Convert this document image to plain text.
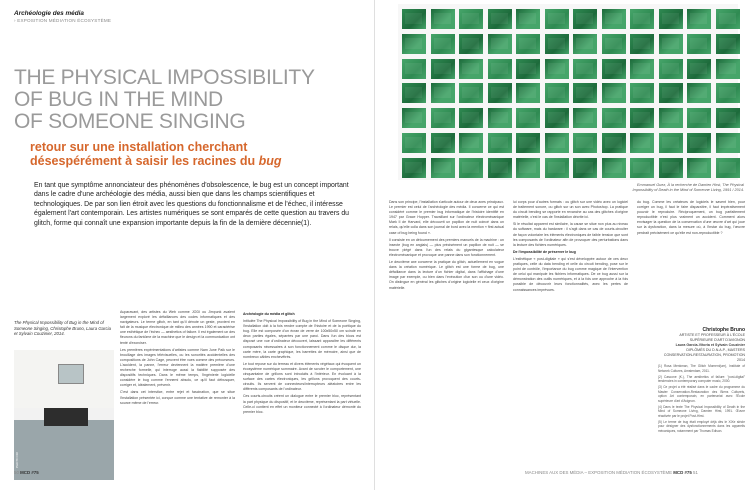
Archéologie des média
› EXPOSITION MÉDIATION ÉCOSYSTÈME
THE PHYSICAL IMPOSSIBILITY
OF BUG IN THE MIND
OF SOMEONE SINGING
retour sur une installation cherchant
désespérément à saisir les racines du bug

En tant que symptôme annonciateur des phénomènes d'obsolescence, le bug est un concept important dans le cadre d'une archéologie des média, aussi bien que dans les champs scientifiques et technologiques. De par son lien étroit avec les questions du fonctionnalisme et de l'échec, il intéresse également l'art contemporain. Les artistes numériques se sont emparés de cette question au travers du glitch, forme qui connaît une expansion importante depuis la fin de la dernière décennie(1).

The Physical Impossibility of Bug in the Mind of Someone Singing, Christophe Bruno, Laura Garcia et Sylvain Couzinier, 2014.
PHOTO DR

Auparavant, des artistes du Web comme JODI ou Jimpunk avaient largement exploré les défaillances des codes informatiques et des navigateurs. Le terme glitch, en tant qu'il dénote un geste, provient en fait de la musique électronique de milieu des années 1990 et caractérise une esthétique de l'échec — aesthetics of failure. Il est également un des fleurons du fantôme de la machine que le design et la communication ont tenté d'exorciser.

Les premières expérimentations d'artistes comme Nam June Paik sur le brouillage des images télévisuelles, ou les sonorités accidentelles des compositions de John Cage, peuvent être vues comme des précurseurs. L'accident, la panne, l'erreur deviennent la matière première d'une recherche formelle, qui interroge aussi la fiabilité supposée des dispositifs techniques. Dans le même temps, l'ingénierie logicielle considère le bug comme l'ennemi absolu, ce qu'il faut débusquer, corriger et, idéalement, prévenir.

C'est dans cet interstice, entre rejet et fascination, que se situe l'installation présentée ici, conçue comme une tentative de remonter à la source même de l'erreur.

Archéologie du média et glitch

Intitulée The Physical Impossibility of Bug in the Mind of Someone Singing, l'installation doit à la fois rendre compte de l'histoire et de la poétique du bug. Elle est composée d'un écran de verre de 100x50x50 cm scindé en deux parties égales, séparées par une paroi. Dans l'un des blocs est disposé une vue d'ordinateur découvert, laissant apparaître les différents composants nécessaires à son fonctionnement comme le disque dur, la carte mère, la carte graphique, les barrettes de mémoire, ainsi que de nombreux câbles enchevêtrés.

Le tout repose sur du terreau et divers éléments végétaux qui évoquent un écosystème numérique sommaire. Avant de scruter le comportement, une cinquantaine de grillons sont introduits à l'intérieur. En évoluant à la surface des cartes électroniques, les grillons provoquent des courts-circuits. Ils servent de connecteurs/interrupteurs aléatoires entre les différents composants de l'ordinateur.

Ces courts-circuits créent un dialogue entre le premier bloc, représentant la part physique du dispositif, et le deuxième, représentant la part virtuelle. Celle-ci contient en effet un moniteur connecté à l'ordinateur démonté du premier bloc.

50 MCD #75
Emmanuel Guez, À la recherche de Damien Hirst, The Physical Impossibility of Death in the Mind of Someone Living, 1991 / 2014.

Dans son principe, l'installation s'articule autour de deux axes principaux. Le premier est celui de l'archéologie des média. Il concerne ce qui est considéré comme le premier bug informatique de l'histoire identifié en 1947 par Grace Hopper. Travaillant sur l'ordinateur électromécanique Mark II de Harvard, elle découvrit un papillon de nuit coincé dans un relais, qu'elle colla dans son journal de bord avec la mention « first actual case of bug being found ».

Il consiste en un détournement des premiers manuels de la machine : un insecte (bug en anglais) — plus précisément un papillon de nuit — se trouve piégé dans l'un des relais du gigantesque calculateur électromécanique et provoque une panne dans son fonctionnement.

Le deuxième axe concerne la pratique du glitch, actuellement en vogue dans la création numérique. Le glitch est une forme de bug, une défaillance dans la lecture d'un fichier digital, dans l'affichage d'une image par exemple, ou bien dans l'exécution d'un son ou d'une vidéo. On distingue en général les glitches d'origine logicielle et ceux d'origine matérielle.

lui corps pour d'autres formats : ou glitch sur une vidéo avec un logiciel de traitement sonore, ou glitch sur un son avec Photoshop. La pratique du circuit bending se rapporte en revanche au cas des glitches d'origine matérielle, c'est le cas de l'installation décrite ici.

Si le résultat apparent est similaire, la cause se situe non plus au niveau du software, mais du hardware : il s'agit dans ce cas de courts-circuiter de façon volontaire les éléments électroniques de faible tension que sont les composants de l'ordinateur afin de provoquer des perturbations dans la lecture des fichiers numériques.

De l'impossibilité de préserver le bug

L'esthétique « post-digitale » qui s'est développée autour de ces deux pratiques, celle du data bending et celle du circuit bending, pose sur le point de contrôle, l'importance du bug comme magique de l'intervention de celui qui manipule les fichiers informatiques. De ce bug aussi sur la démonstration des outils numériques, et à la fois une approche à la fois possible de découvrir leurs fonctionnalités, avec les pertes de connaissances imprévues.

du bug. Comme les créateurs de logiciels le savent bien, pour corriger un bug, il faut le faire disparaître, il faut impérativement pouvoir le reproduire. Réciproquement, un bug parfaitement reproductible n'est plus vraiment un accident. Comment alors envisager la question de la conservation d'une œuvre d'art qui joue sur la dysfonction, dans la mesure où, à l'instar du bug, l'œuvre perdrait précisément ce qu'elle est non-reproductible ?

Christophe Bruno
ARTISTE ET PROFESSEUR À L'ÉCOLE SUPÉRIEURE D'ART D'AVIGNON
Laura Garcia-Vitoria et Sylvain Couzinier
DIPLÔMÉS DU D.N.A.P., MASTERS CONSERVATION-RESTAURATION, PROMOTION 2014

(1) Rosa Menkman, The Glitch Moment(um), Institute of Network Cultures, Amsterdam, 2011.

(2) Cascone (K.), The aesthetics of failure: "post-digital" tendencies in contemporary computer music, 2000.

(3) Ce projet a été réalisé dans le cadre du programme du Master Conservation-Restauration des Biens Culturels, option Art contemporain, en partenariat avec l'École supérieure d'art d'Avignon.

(4) Dans le texte The Physical Impossibility of Death in the Mind of Someone Living, Damien Hirst, 1991. Œuvre réactivée par le projet Post-Hirst.

(5) Le terme de bug était employé déjà dès le XIXe siècle pour désigner des dysfonctionnements dans les appareils mécaniques, notamment par Thomas Edison.

MACHINES AUX DES MÉDIA – EXPOSITION MÉDIATION ÉCOSYSTÈME MCD #75 51
